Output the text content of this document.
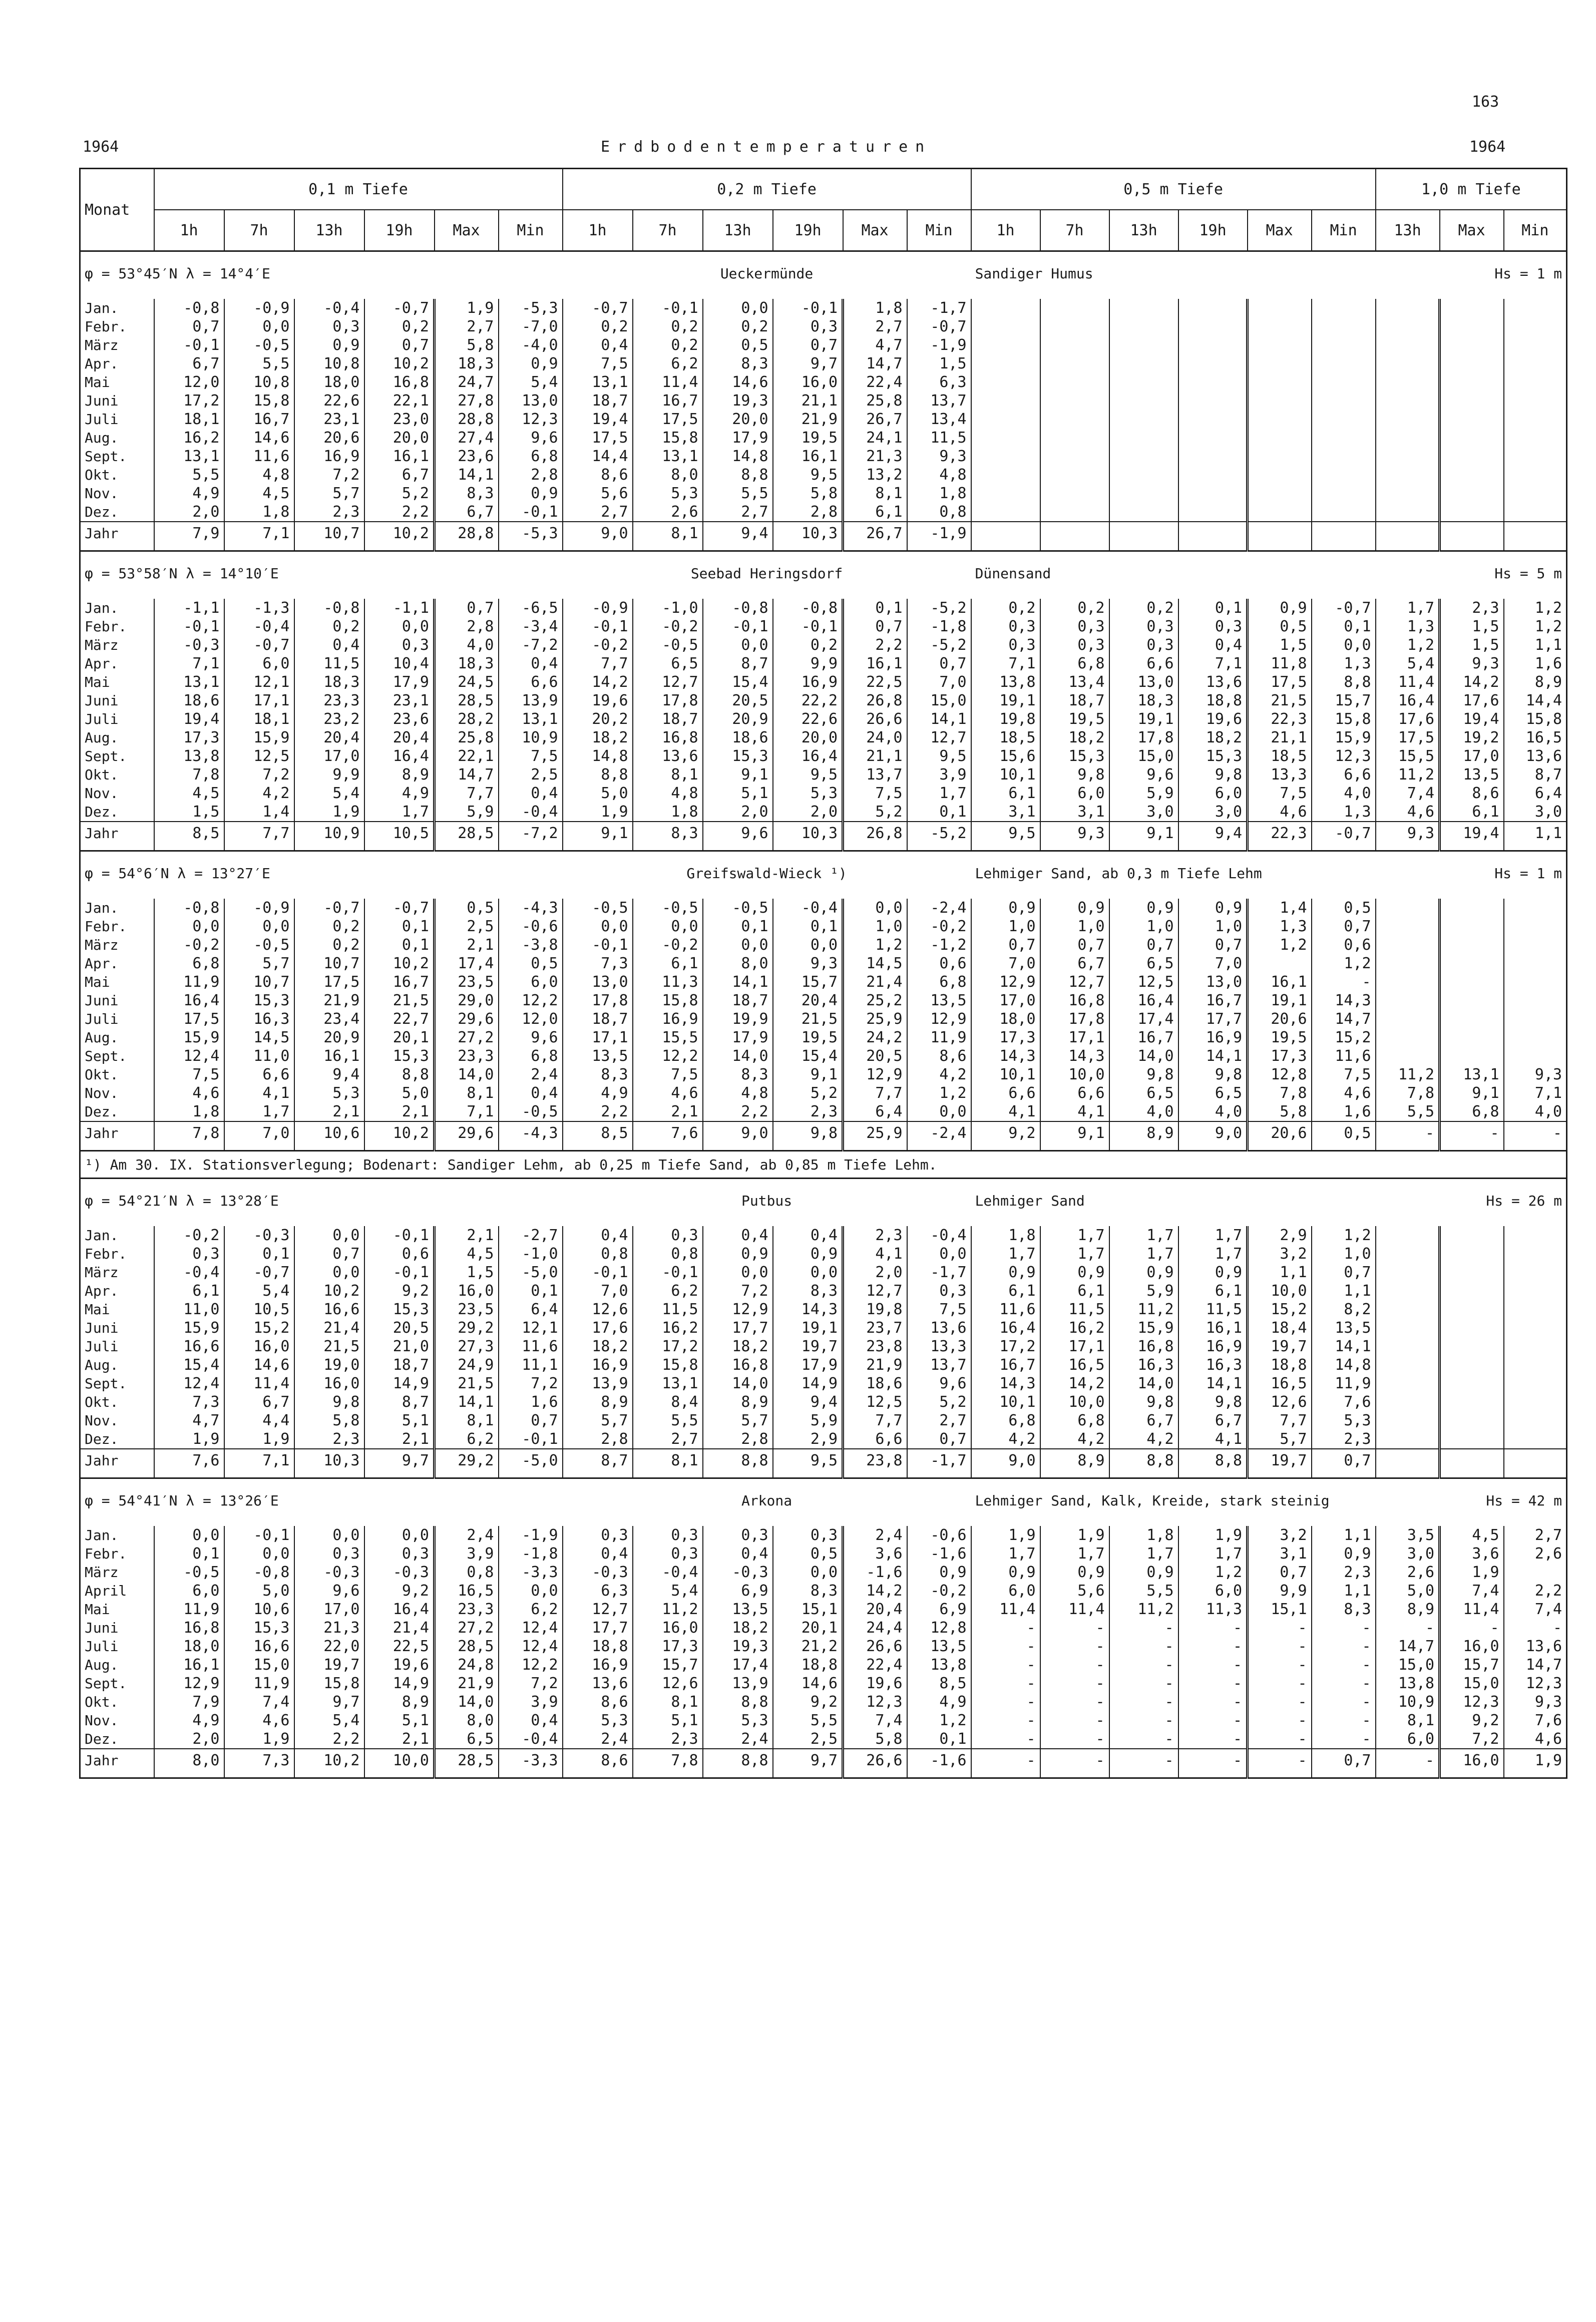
163
1964	Erdbodentemperaturen	1964
Monat	0,1 m Tiefe						0,2 m Tiefe						0,5 m Tiefe						1,0 m Tiefe		
	1h	7h	13h	19h	Max	Min	1h	7h	13h	19h	Max	Min	1h	7h	13h	19h	Max	Min	13h	Max	Min
φ = 53°45′N λ = 14°4′E							Ueckermünde						Sandiger Humus						Hs = 1 m		

Jan.	-0,8	-0,9	-0,4	-0,7	1,9	-5,3	-0,7	-0,1	0,0	-0,1	1,8	-1,7									
Febr.	0,7	0,0	0,3	0,2	2,7	-7,0	0,2	0,2	0,2	0,3	2,7	-0,7									
März	-0,1	-0,5	0,9	0,7	5,8	-4,0	0,4	0,2	0,5	0,7	4,7	-1,9									
Apr.	6,7	5,5	10,8	10,2	18,3	0,9	7,5	6,2	8,3	9,7	14,7	1,5									
Mai	12,0	10,8	18,0	16,8	24,7	5,4	13,1	11,4	14,6	16,0	22,4	6,3									
Juni	17,2	15,8	22,6	22,1	27,8	13,0	18,7	16,7	19,3	21,1	25,8	13,7									
Juli	18,1	16,7	23,1	23,0	28,8	12,3	19,4	17,5	20,0	21,9	26,7	13,4									
Aug.	16,2	14,6	20,6	20,0	27,4	9,6	17,5	15,8	17,9	19,5	24,1	11,5									
Sept.	13,1	11,6	16,9	16,1	23,6	6,8	14,4	13,1	14,8	16,1	21,3	9,3									
Okt.	5,5	4,8	7,2	6,7	14,1	2,8	8,6	8,0	8,8	9,5	13,2	4,8									
Nov.	4,9	4,5	5,7	5,2	8,3	0,9	5,6	5,3	5,5	5,8	8,1	1,8									
Dez.	2,0	1,8	2,3	2,2	6,7	-0,1	2,7	2,6	2,7	2,8	6,1	0,8									
Jahr	7,9	7,1	10,7	10,2	28,8	-5,3	9,0	8,1	9,4	10,3	26,7	-1,9									
φ = 53°58′N λ = 14°10′E							Seebad Heringsdorf						Dünensand						Hs = 5 m		

Jan.	-1,1	-1,3	-0,8	-1,1	0,7	-6,5	-0,9	-1,0	-0,8	-0,8	0,1	-5,2	0,2	0,2	0,2	0,1	0,9	-0,7	1,7	2,3	1,2
Febr.	-0,1	-0,4	0,2	0,0	2,8	-3,4	-0,1	-0,2	-0,1	-0,1	0,7	-1,8	0,3	0,3	0,3	0,3	0,5	0,1	1,3	1,5	1,2
März	-0,3	-0,7	0,4	0,3	4,0	-7,2	-0,2	-0,5	0,0	0,2	2,2	-5,2	0,3	0,3	0,3	0,4	1,5	0,0	1,2	1,5	1,1
Apr.	7,1	6,0	11,5	10,4	18,3	0,4	7,7	6,5	8,7	9,9	16,1	0,7	7,1	6,8	6,6	7,1	11,8	1,3	5,4	9,3	1,6
Mai	13,1	12,1	18,3	17,9	24,5	6,6	14,2	12,7	15,4	16,9	22,5	7,0	13,8	13,4	13,0	13,6	17,5	8,8	11,4	14,2	8,9
Juni	18,6	17,1	23,3	23,1	28,5	13,9	19,6	17,8	20,5	22,2	26,8	15,0	19,1	18,7	18,3	18,8	21,5	15,7	16,4	17,6	14,4
Juli	19,4	18,1	23,2	23,6	28,2	13,1	20,2	18,7	20,9	22,6	26,6	14,1	19,8	19,5	19,1	19,6	22,3	15,8	17,6	19,4	15,8
Aug.	17,3	15,9	20,4	20,4	25,8	10,9	18,2	16,8	18,6	20,0	24,0	12,7	18,5	18,2	17,8	18,2	21,1	15,9	17,5	19,2	16,5
Sept.	13,8	12,5	17,0	16,4	22,1	7,5	14,8	13,6	15,3	16,4	21,1	9,5	15,6	15,3	15,0	15,3	18,5	12,3	15,5	17,0	13,6
Okt.	7,8	7,2	9,9	8,9	14,7	2,5	8,8	8,1	9,1	9,5	13,7	3,9	10,1	9,8	9,6	9,8	13,3	6,6	11,2	13,5	8,7
Nov.	4,5	4,2	5,4	4,9	7,7	0,4	5,0	4,8	5,1	5,3	7,5	1,7	6,1	6,0	5,9	6,0	7,5	4,0	7,4	8,6	6,4
Dez.	1,5	1,4	1,9	1,7	5,9	-0,4	1,9	1,8	2,0	2,0	5,2	0,1	3,1	3,1	3,0	3,0	4,6	1,3	4,6	6,1	3,0
Jahr	8,5	7,7	10,9	10,5	28,5	-7,2	9,1	8,3	9,6	10,3	26,8	-5,2	9,5	9,3	9,1	9,4	22,3	-0,7	9,3	19,4	1,1
φ = 54°6′N λ = 13°27′E							Greifswald-Wieck ¹)						Lehmiger Sand, ab 0,3 m Tiefe Lehm						Hs = 1 m		

Jan.	-0,8	-0,9	-0,7	-0,7	0,5	-4,3	-0,5	-0,5	-0,5	-0,4	0,0	-2,4	0,9	0,9	0,9	0,9	1,4	0,5			
Febr.	0,0	0,0	0,2	0,1	2,5	-0,6	0,0	0,0	0,1	0,1	1,0	-0,2	1,0	1,0	1,0	1,0	1,3	0,7			
März	-0,2	-0,5	0,2	0,1	2,1	-3,8	-0,1	-0,2	0,0	0,0	1,2	-1,2	0,7	0,7	0,7	0,7	1,2	0,6			
Apr.	6,8	5,7	10,7	10,2	17,4	0,5	7,3	6,1	8,0	9,3	14,5	0,6	7,0	6,7	6,5	7,0		1,2			
Mai	11,9	10,7	17,5	16,7	23,5	6,0	13,0	11,3	14,1	15,7	21,4	6,8	12,9	12,7	12,5	13,0	16,1	-			
Juni	16,4	15,3	21,9	21,5	29,0	12,2	17,8	15,8	18,7	20,4	25,2	13,5	17,0	16,8	16,4	16,7	19,1	14,3			
Juli	17,5	16,3	23,4	22,7	29,6	12,0	18,7	16,9	19,9	21,5	25,9	12,9	18,0	17,8	17,4	17,7	20,6	14,7			
Aug.	15,9	14,5	20,9	20,1	27,2	9,6	17,1	15,5	17,9	19,5	24,2	11,9	17,3	17,1	16,7	16,9	19,5	15,2			
Sept.	12,4	11,0	16,1	15,3	23,3	6,8	13,5	12,2	14,0	15,4	20,5	8,6	14,3	14,3	14,0	14,1	17,3	11,6			
Okt.	7,5	6,6	9,4	8,8	14,0	2,4	8,3	7,5	8,3	9,1	12,9	4,2	10,1	10,0	9,8	9,8	12,8	7,5	11,2	13,1	9,3
Nov.	4,6	4,1	5,3	5,0	8,1	0,4	4,9	4,6	4,8	5,2	7,7	1,2	6,6	6,6	6,5	6,5	7,8	4,6	7,8	9,1	7,1
Dez.	1,8	1,7	2,1	2,1	7,1	-0,5	2,2	2,1	2,2	2,3	6,4	0,0	4,1	4,1	4,0	4,0	5,8	1,6	5,5	6,8	4,0
Jahr	7,8	7,0	10,6	10,2	29,6	-4,3	8,5	7,6	9,0	9,8	25,9	-2,4	9,2	9,1	8,9	9,0	20,6	0,5	-	-	-
¹) Am 30. IX. Stationsverlegung; Bodenart: Sandiger Lehm, ab 0,25 m Tiefe Sand, ab 0,85 m Tiefe Lehm.																					
φ = 54°21′N λ = 13°28′E							Putbus						Lehmiger Sand						Hs = 26 m		

Jan.	-0,2	-0,3	0,0	-0,1	2,1	-2,7	0,4	0,3	0,4	0,4	2,3	-0,4	1,8	1,7	1,7	1,7	2,9	1,2			
Febr.	0,3	0,1	0,7	0,6	4,5	-1,0	0,8	0,8	0,9	0,9	4,1	0,0	1,7	1,7	1,7	1,7	3,2	1,0			
März	-0,4	-0,7	0,0	-0,1	1,5	-5,0	-0,1	-0,1	0,0	0,0	2,0	-1,7	0,9	0,9	0,9	0,9	1,1	0,7			
Apr.	6,1	5,4	10,2	9,2	16,0	0,1	7,0	6,2	7,2	8,3	12,7	0,3	6,1	6,1	5,9	6,1	10,0	1,1			
Mai	11,0	10,5	16,6	15,3	23,5	6,4	12,6	11,5	12,9	14,3	19,8	7,5	11,6	11,5	11,2	11,5	15,2	8,2			
Juni	15,9	15,2	21,4	20,5	29,2	12,1	17,6	16,2	17,7	19,1	23,7	13,6	16,4	16,2	15,9	16,1	18,4	13,5			
Juli	16,6	16,0	21,5	21,0	27,3	11,6	18,2	17,2	18,2	19,7	23,8	13,3	17,2	17,1	16,8	16,9	19,7	14,1			
Aug.	15,4	14,6	19,0	18,7	24,9	11,1	16,9	15,8	16,8	17,9	21,9	13,7	16,7	16,5	16,3	16,3	18,8	14,8			
Sept.	12,4	11,4	16,0	14,9	21,5	7,2	13,9	13,1	14,0	14,9	18,6	9,6	14,3	14,2	14,0	14,1	16,5	11,9			
Okt.	7,3	6,7	9,8	8,7	14,1	1,6	8,9	8,4	8,9	9,4	12,5	5,2	10,1	10,0	9,8	9,8	12,6	7,6			
Nov.	4,7	4,4	5,8	5,1	8,1	0,7	5,7	5,5	5,7	5,9	7,7	2,7	6,8	6,8	6,7	6,7	7,7	5,3			
Dez.	1,9	1,9	2,3	2,1	6,2	-0,1	2,8	2,7	2,8	2,9	6,6	0,7	4,2	4,2	4,2	4,1	5,7	2,3			
Jahr	7,6	7,1	10,3	9,7	29,2	-5,0	8,7	8,1	8,8	9,5	23,8	-1,7	9,0	8,9	8,8	8,8	19,7	0,7			
φ = 54°41′N λ = 13°26′E							Arkona						Lehmiger Sand, Kalk, Kreide, stark steinig						Hs = 42 m		

Jan.	0,0	-0,1	0,0	0,0	2,4	-1,9	0,3	0,3	0,3	0,3	2,4	-0,6	1,9	1,9	1,8	1,9	3,2	1,1	3,5	4,5	2,7
Febr.	0,1	0,0	0,3	0,3	3,9	-1,8	0,4	0,3	0,4	0,5	3,6	-1,6	1,7	1,7	1,7	1,7	3,1	0,9	3,0	3,6	2,6
März	-0,5	-0,8	-0,3	-0,3	0,8	-3,3	-0,3	-0,4	-0,3	0,0	-1,6	0,9	0,9	0,9	0,9	1,2	0,7	2,3	2,6	1,9	
April	6,0	5,0	9,6	9,2	16,5	0,0	6,3	5,4	6,9	8,3	14,2	-0,2	6,0	5,6	5,5	6,0	9,9	1,1	5,0	7,4	2,2
Mai	11,9	10,6	17,0	16,4	23,3	6,2	12,7	11,2	13,5	15,1	20,4	6,9	11,4	11,4	11,2	11,3	15,1	8,3	8,9	11,4	7,4
Juni	16,8	15,3	21,3	21,4	27,2	12,4	17,7	16,0	18,2	20,1	24,4	12,8	-	-	-	-	-	-	-	-	-
Juli	18,0	16,6	22,0	22,5	28,5	12,4	18,8	17,3	19,3	21,2	26,6	13,5	-	-	-	-	-	-	14,7	16,0	13,6
Aug.	16,1	15,0	19,7	19,6	24,8	12,2	16,9	15,7	17,4	18,8	22,4	13,8	-	-	-	-	-	-	15,0	15,7	14,7
Sept.	12,9	11,9	15,8	14,9	21,9	7,2	13,6	12,6	13,9	14,6	19,6	8,5	-	-	-	-	-	-	13,8	15,0	12,3
Okt.	7,9	7,4	9,7	8,9	14,0	3,9	8,6	8,1	8,8	9,2	12,3	4,9	-	-	-	-	-	-	10,9	12,3	9,3
Nov.	4,9	4,6	5,4	5,1	8,0	0,4	5,3	5,1	5,3	5,5	7,4	1,2	-	-	-	-	-	-	8,1	9,2	7,6
Dez.	2,0	1,9	2,2	2,1	6,5	-0,4	2,4	2,3	2,4	2,5	5,8	0,1	-	-	-	-	-	-	6,0	7,2	4,6
Jahr	8,0	7,3	10,2	10,0	28,5	-3,3	8,6	7,8	8,8	9,7	26,6	-1,6	-	-	-	-	-	0,7	-	16,0	1,9
